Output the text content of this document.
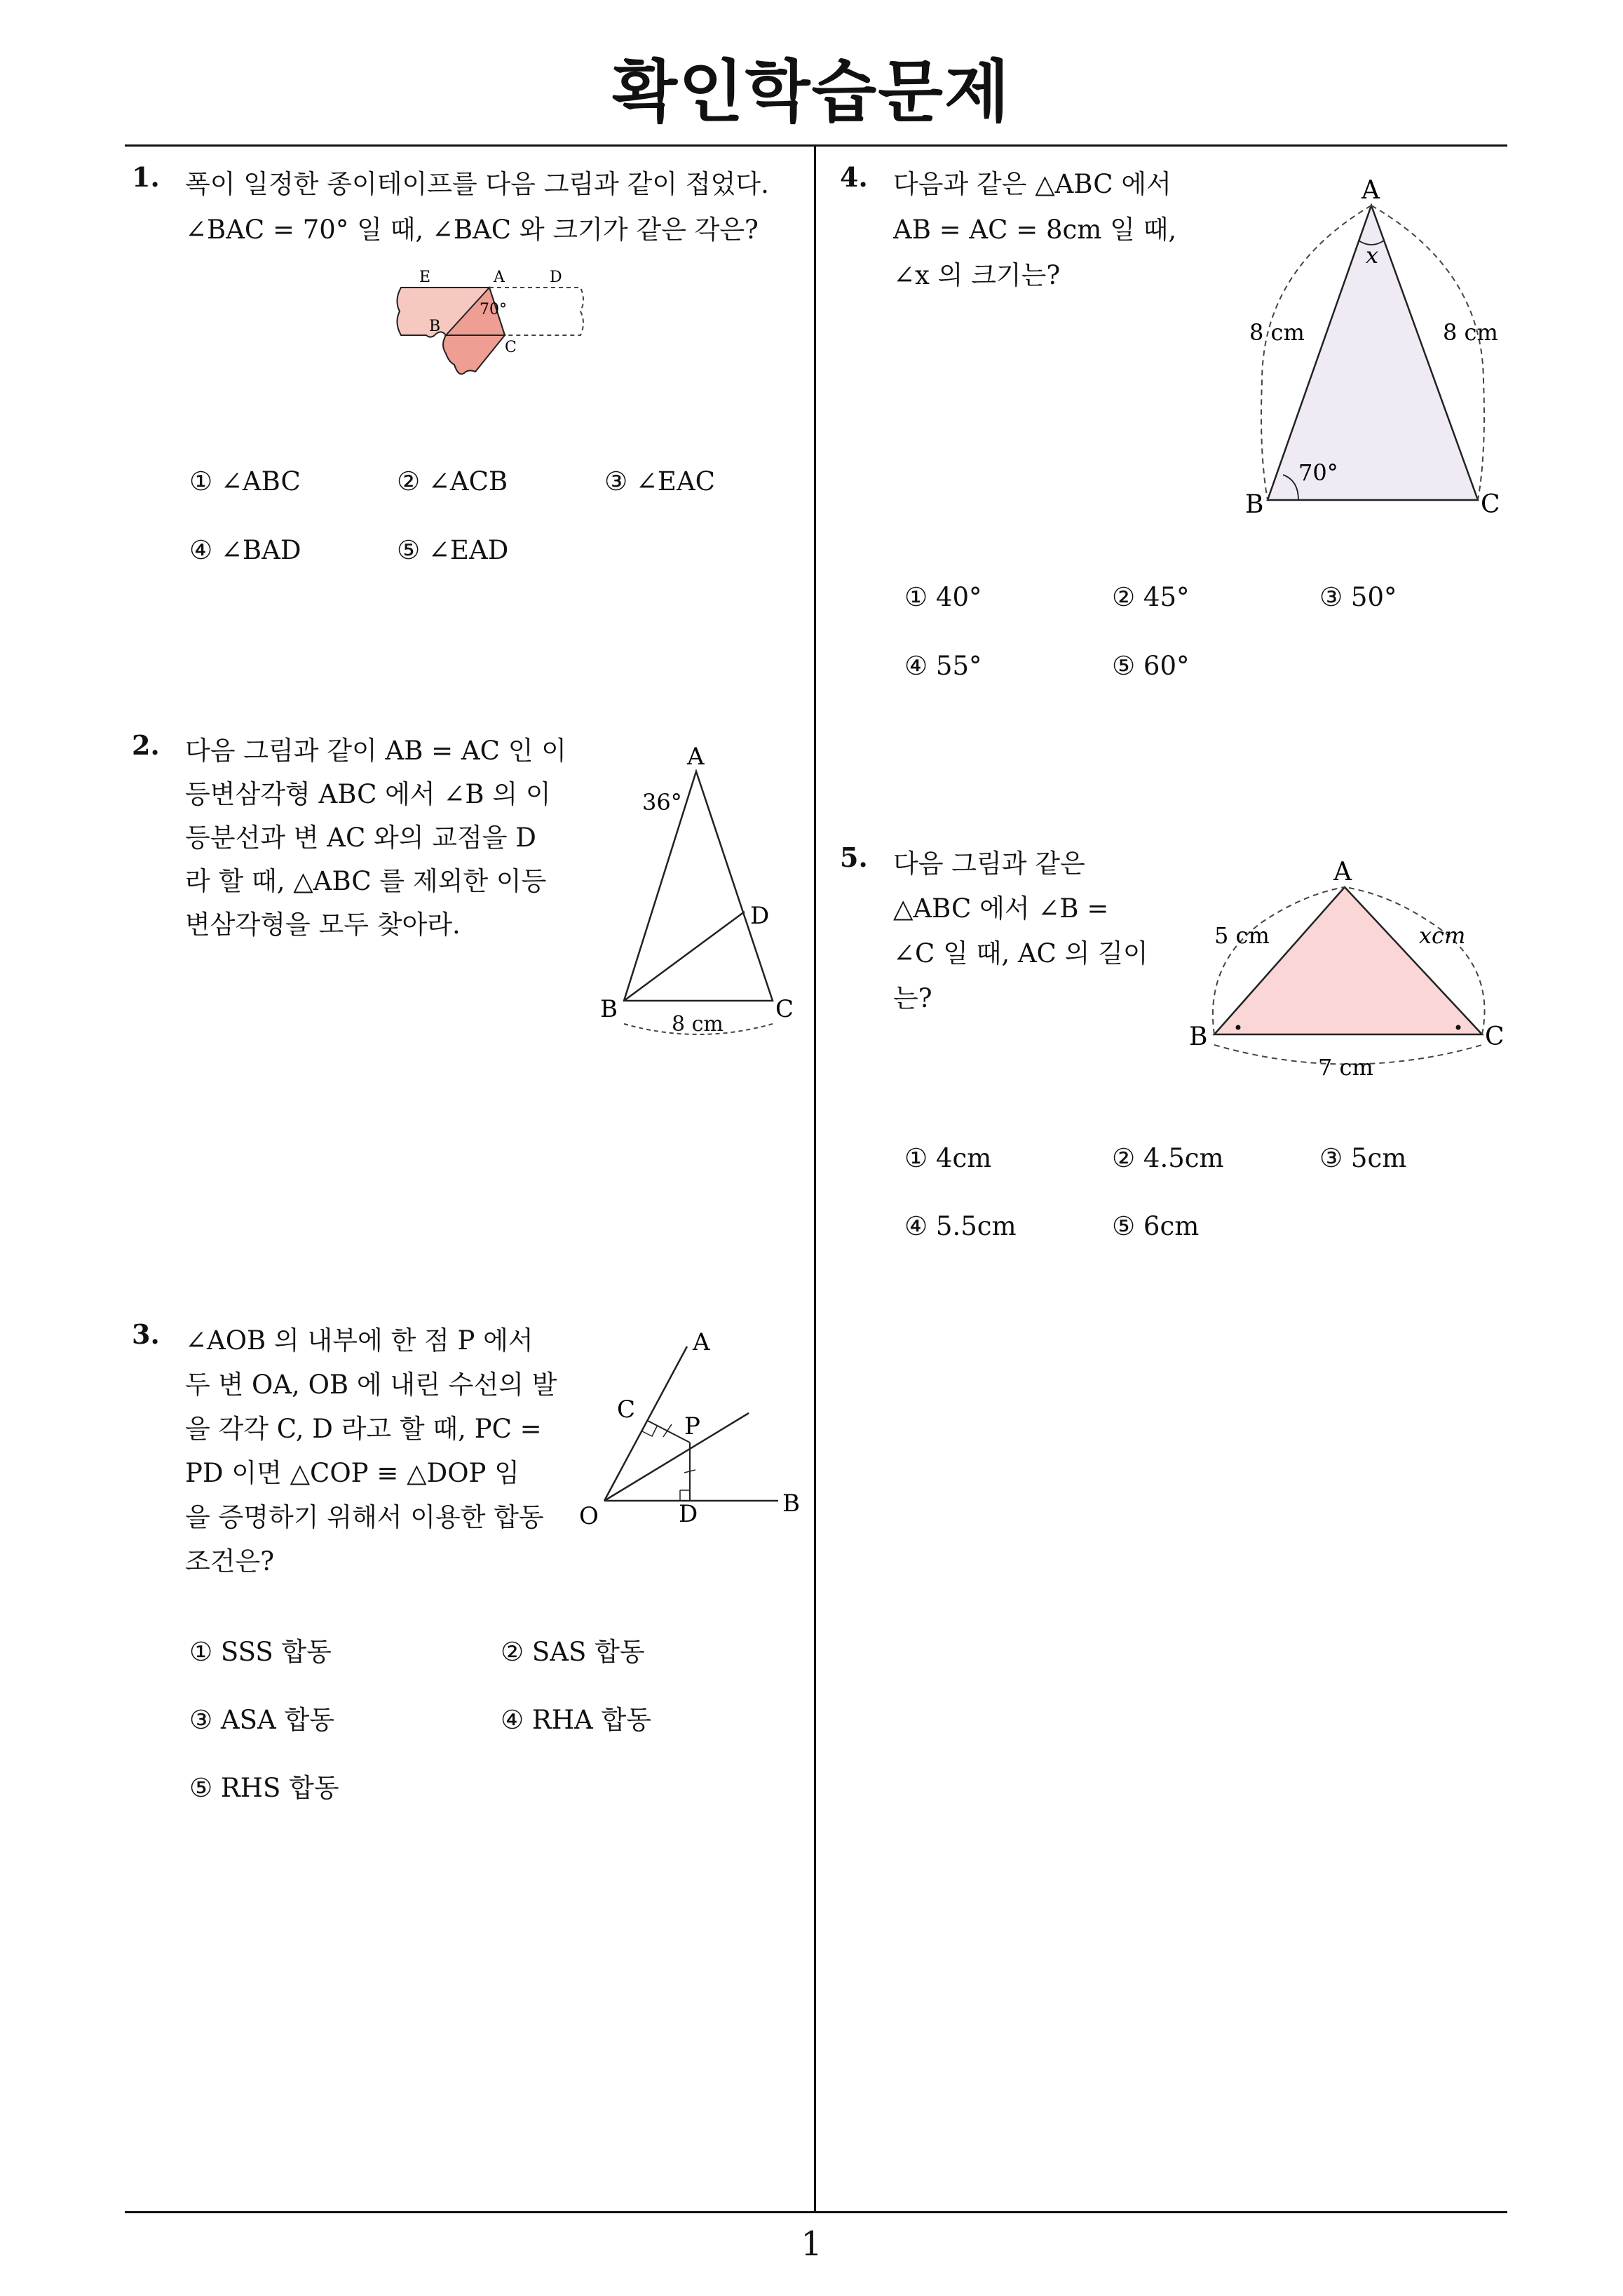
확인학습문제
1
1. 폭이 일정한 종이테이프를 다음 그림과 같이 접었다.
∠BAC = 70° 일 때, ∠BAC 와 크기가 같은 각은?
E	A	D
B
C
70°
① ∠ABC	② ∠ACB	③ ∠EAC
④ ∠BAD	⑤ ∠EAD
2. 다음 그림과 같이 AB = AC 인 이
등변삼각형 ABC 에서 ∠B 의 이
등분선과 변 AC 와의 교점을 D
라 할 때, △ABC 를 제외한 이등
변삼각형을 모두 찾아라.
A
36°
D
B	C
8 cm
3. ∠AOB 의 내부에 한 점 P 에서
두 변 OA, OB 에 내린 수선의 발
을 각각 C, D 라고 할 때, PC =
PD 이면 △COP ≡ △DOP 임
을 증명하기 위해서 이용한 합동
조건은?
A
B
C
D
O
P
① SSS 합동	② SAS 합동
③ ASA 합동	④ RHA 합동
⑤ RHS 합동
4. 다음과 같은 △ABC 에서
AB = AC = 8cm 일 때,
∠x 의 크기는?
A
x
8 cm	8 cm
70°
B	C
① 40°	② 45°	③ 50°
④ 55°	⑤ 60°
5. 다음 그림과 같은
△ABC 에서 ∠B =
∠C 일 때, AC 의 길이
는?
A
5 cm	xcm
B	C
7 cm
① 4cm	② 4.5cm	③ 5cm
④ 5.5cm	⑤ 6cm
